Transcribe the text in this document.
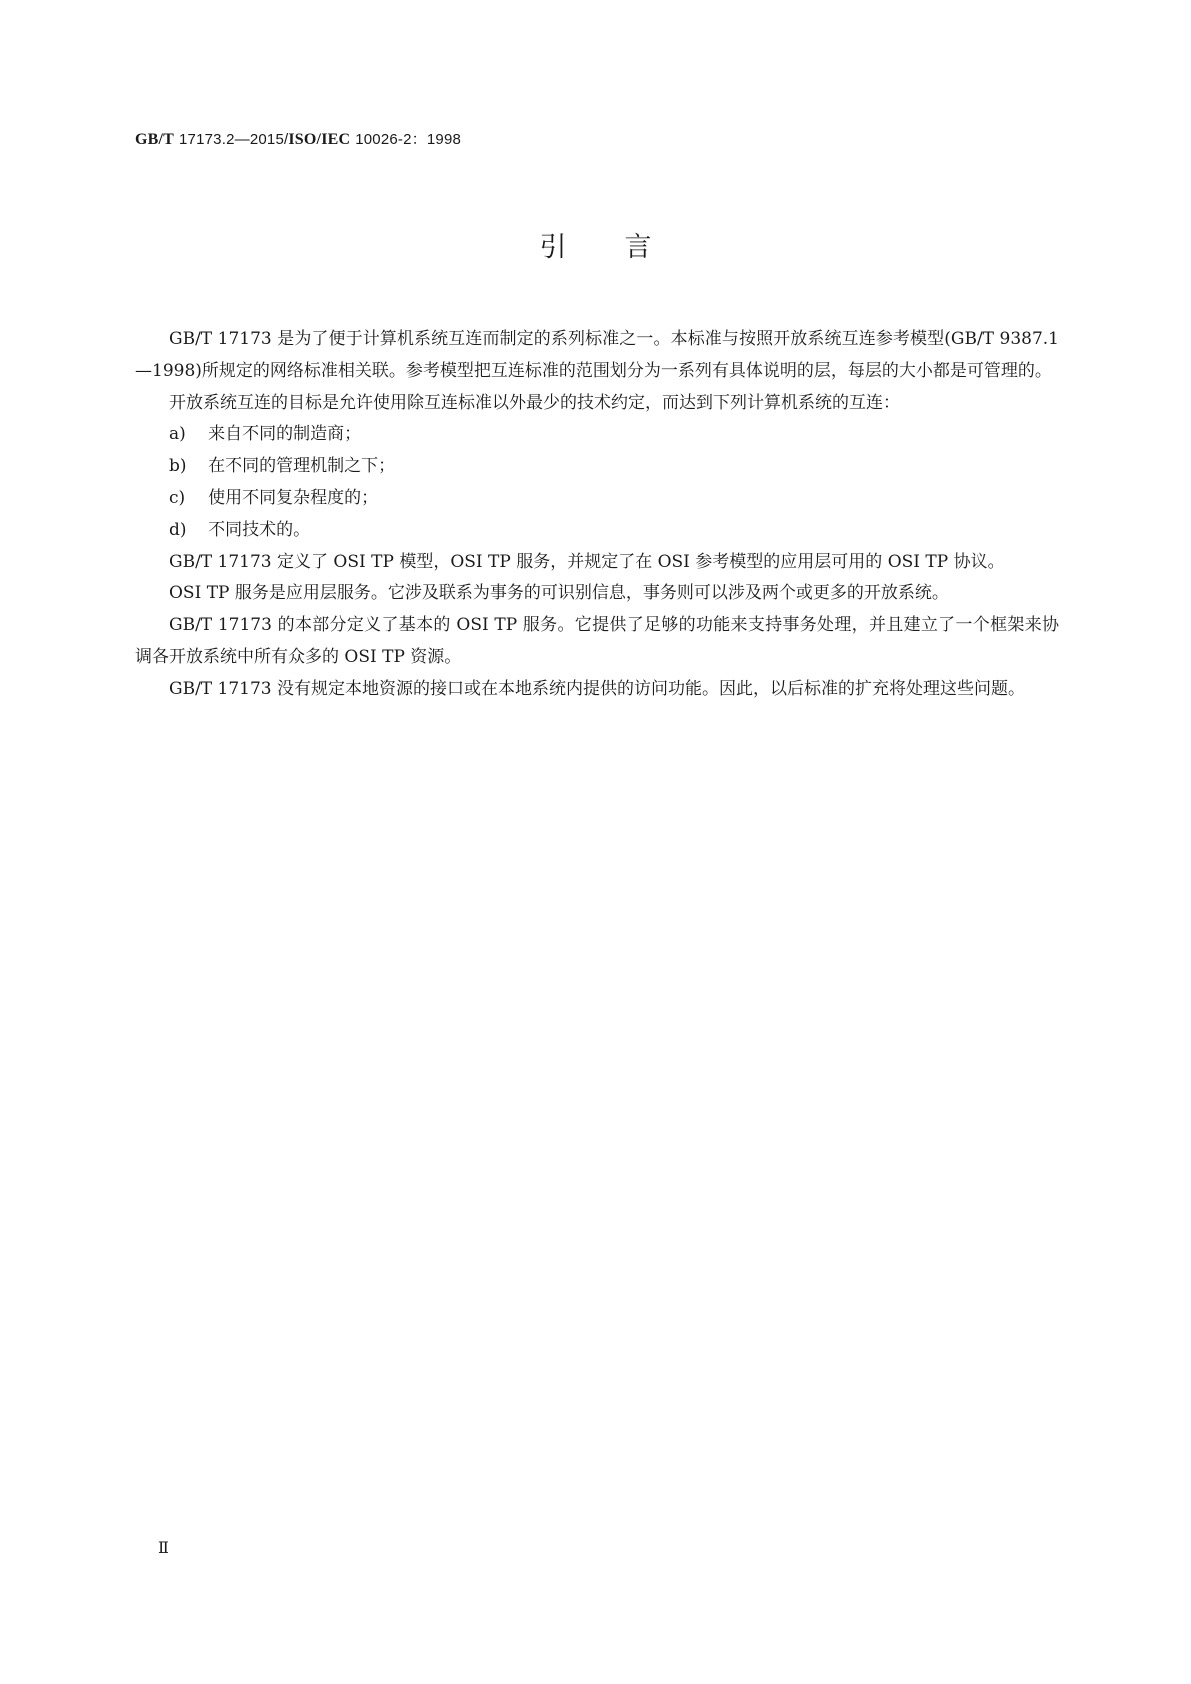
GB/T 17173.2—2015/ISO/IEC 10026-2：1998
引言

GB/T 17173 是为了便于计算机系统互连而制定的系列标准之一。本标准与按照开放系统互连参考模型(GB/T 9387.1—1998)所规定的网络标准相关联。参考模型把互连标准的范围划分为一系列有具体说明的层，每层的大小都是可管理的。

开放系统互连的目标是允许使用除互连标准以外最少的技术约定，而达到下列计算机系统的互连：

a) 来自不同的制造商；

b) 在不同的管理机制之下；

c) 使用不同复杂程度的；

d) 不同技术的。

GB/T 17173 定义了 OSI TP 模型，OSI TP 服务，并规定了在 OSI 参考模型的应用层可用的 OSI TP 协议。

OSI TP 服务是应用层服务。它涉及联系为事务的可识别信息，事务则可以涉及两个或更多的开放系统。

GB/T 17173 的本部分定义了基本的 OSI TP 服务。它提供了足够的功能来支持事务处理，并且建立了一个框架来协调各开放系统中所有众多的 OSI TP 资源。

GB/T 17173 没有规定本地资源的接口或在本地系统内提供的访问功能。因此，以后标准的扩充将处理这些问题。

Ⅱ
